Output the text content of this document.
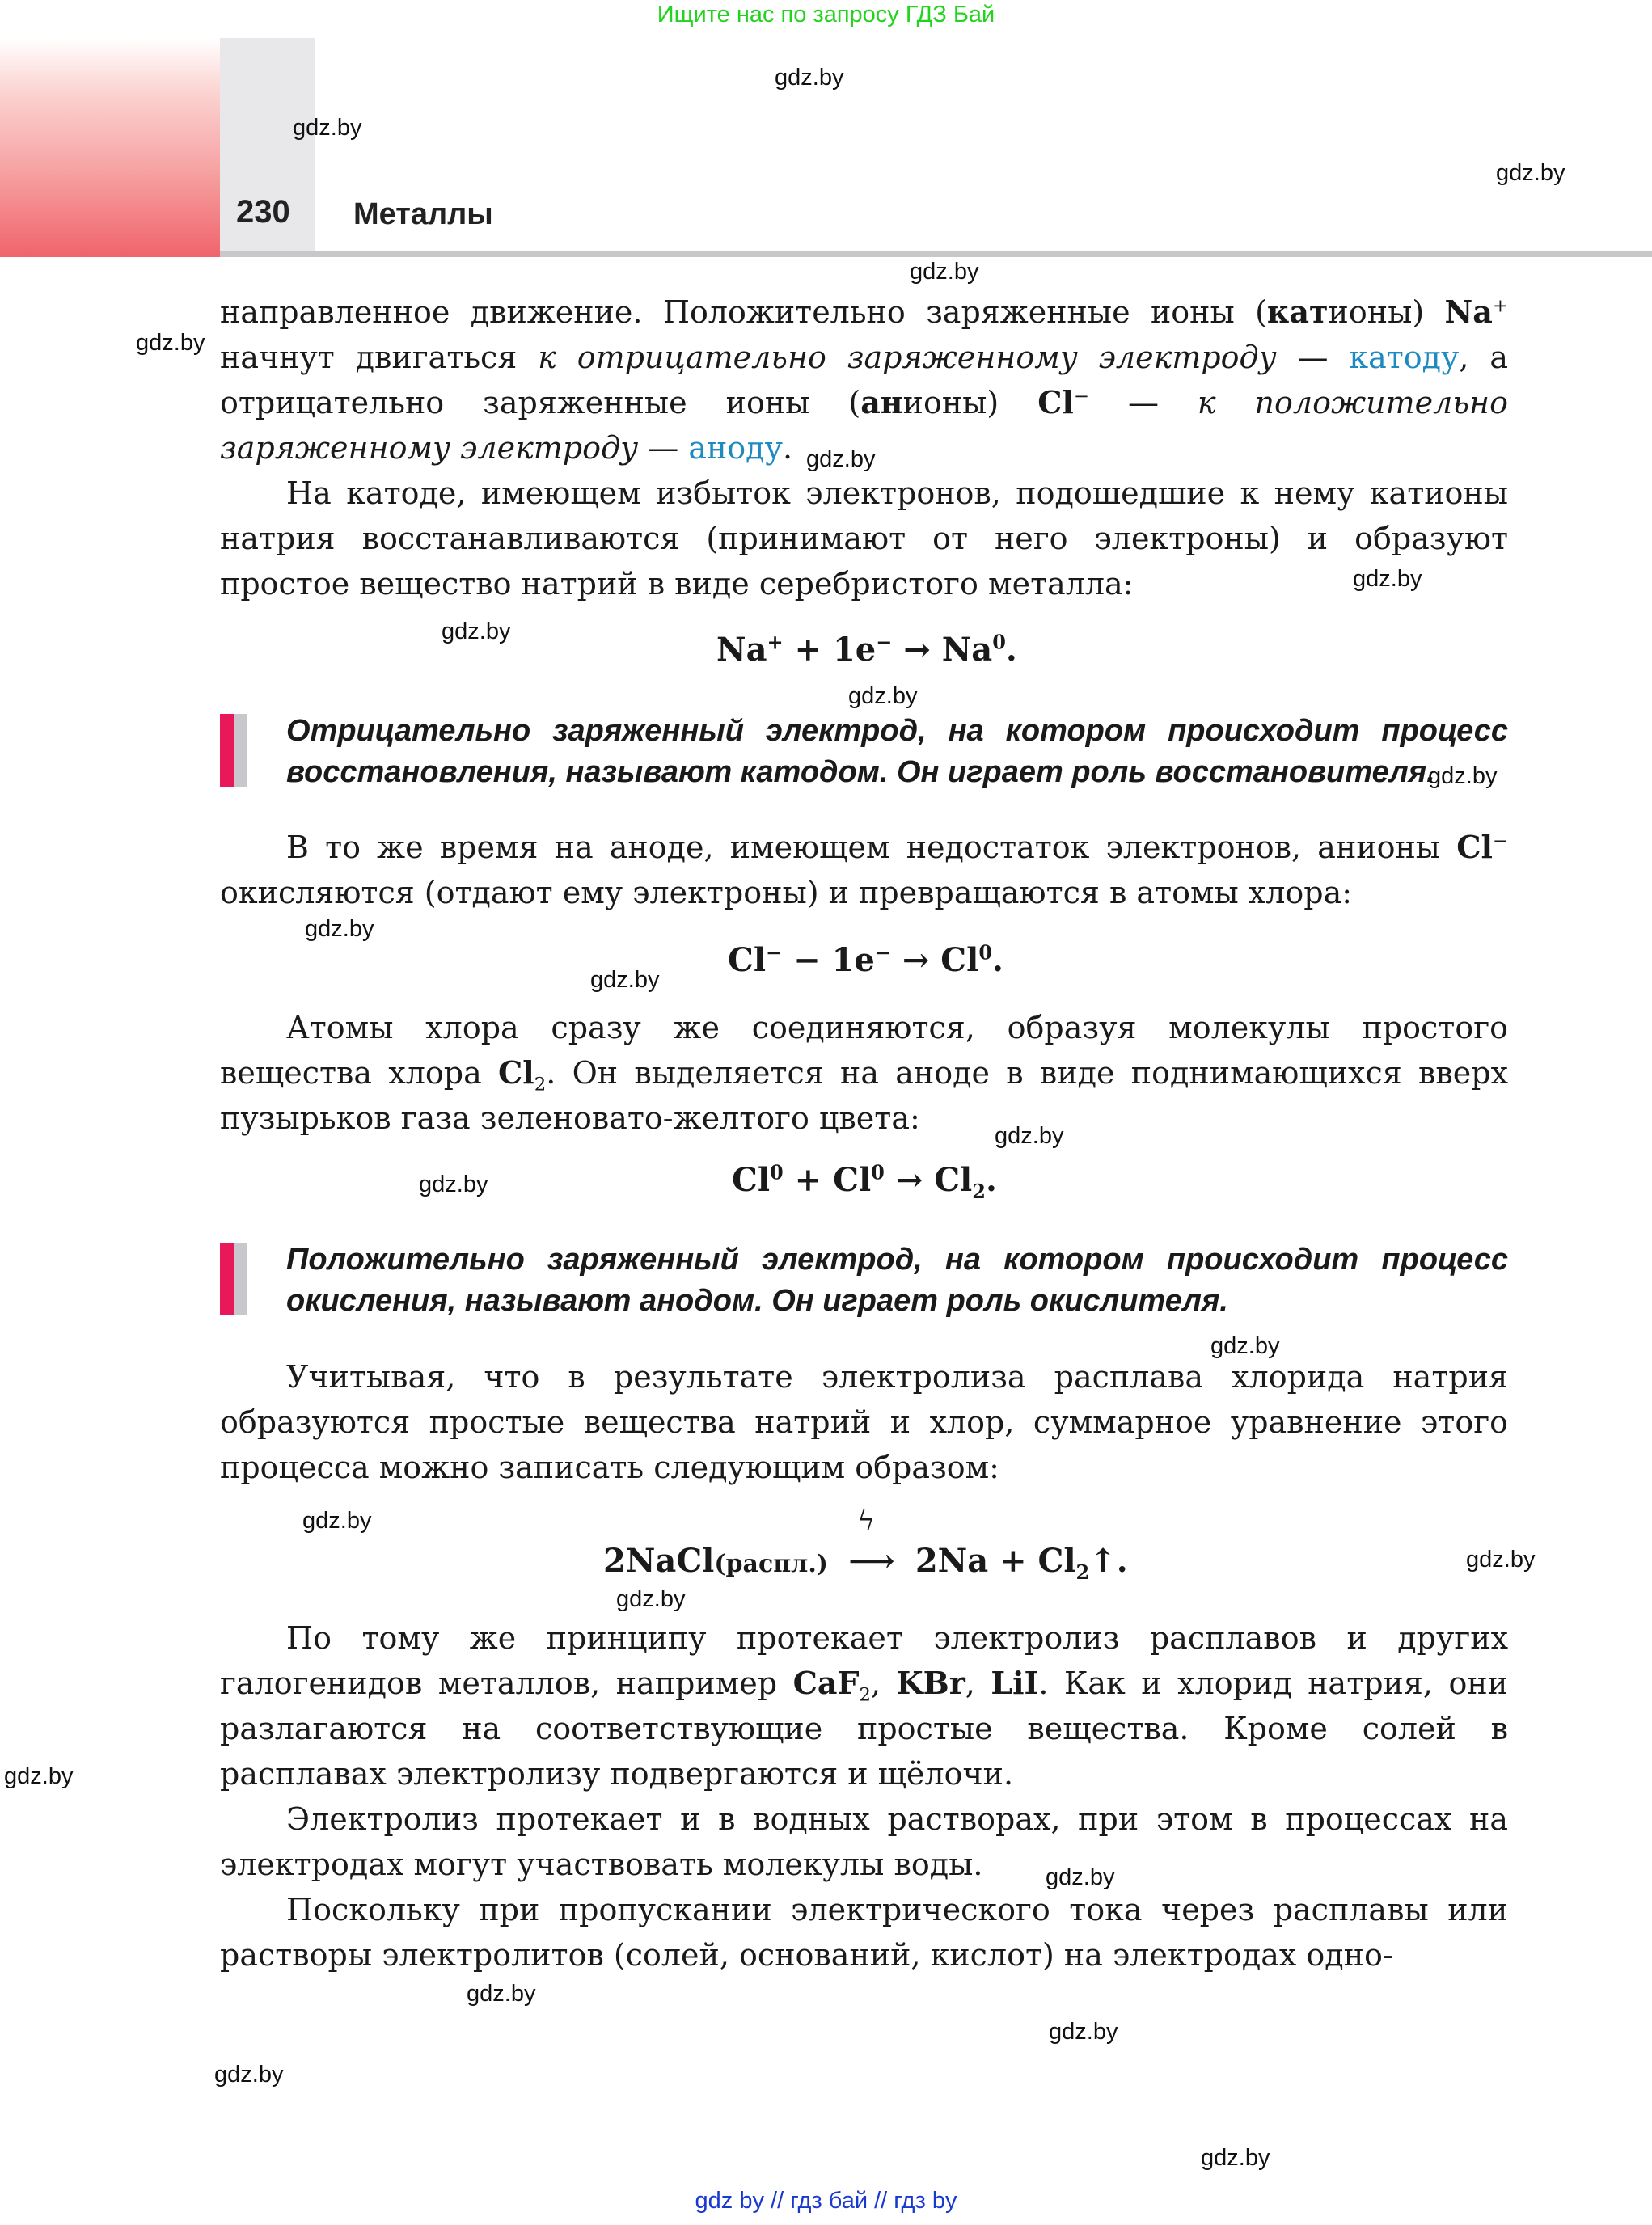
Ищите нас по запросу ГДЗ Бай
230 Металлы
направленное движение. Положительно заряженные ионы (катионы) Na+ начнут двигаться к отрицательно заряженному электроду — катоду, а отрицательно заряженные ионы (анионы) Cl− — к положительно заряженному электроду — аноду.
На катоде, имеющем избыток электронов, подошедшие к нему катионы натрия восстанавливаются (принимают от него электроны) и образуют простое вещество натрий в виде серебристого металла:
$Na^+ + 1e^- \to Na^0$.
Отрицательно заряженный электрод, на котором происходит процесс восстановления, называют катодом. Он играет роль восстановителя.
В то же время на аноде, имеющем недостаток электронов, анионы Cl− окисляются (отдают ему электроны) и превращаются в атомы хлора:
$Cl^- - 1e^- \to Cl^0$.
Атомы хлора сразу же соединяются, образуя молекулы простого вещества хлора $Cl_2$. Он выделяется на аноде в виде поднимающихся вверх пузырьков газа зеленовато-желтого цвета:
$Cl^0 + Cl^0 \to Cl_2$.
Положительно заряженный электрод, на котором происходит процесс окисления, называют анодом. Он играет роль окислителя.
Учитывая, что в результате электролиза расплава хлорида натрия образуются простые вещества натрий и хлор, суммарное уравнение этого процесса можно записать следующим образом:
2NaCl(распл.)
ϟ
⟶ $2Na + Cl_2↑$.
По тому же принципу протекает электролиз расплавов и других галогенидов металлов, например CaF$_2$, KBr, LiI. Как и хлорид натрия, они разлагаются на соответствующие простые вещества. Кроме солей в расплавах электролизу подвергаются и щёлочи.
Электролиз протекает и в водных растворах, при этом в процессах на электродах могут участвовать молекулы воды.
Поскольку при пропускании электрического тока через расплавы или растворы электролитов (солей, оснований, кислот) на электродах одно-
gdz.by
gdz.by
gdz.by
gdz.by
gdz.by
gdz.by
gdz.by
gdz.by
gdz.by
gdz.by
gdz.by
gdz.by
gdz.by
gdz.by
gdz.by
gdz.by
gdz.by
gdz.by
gdz.by
gdz.by
gdz.by
gdz.by
gdz.by
gdz.by
gdz by // гдз бай // гдз by
